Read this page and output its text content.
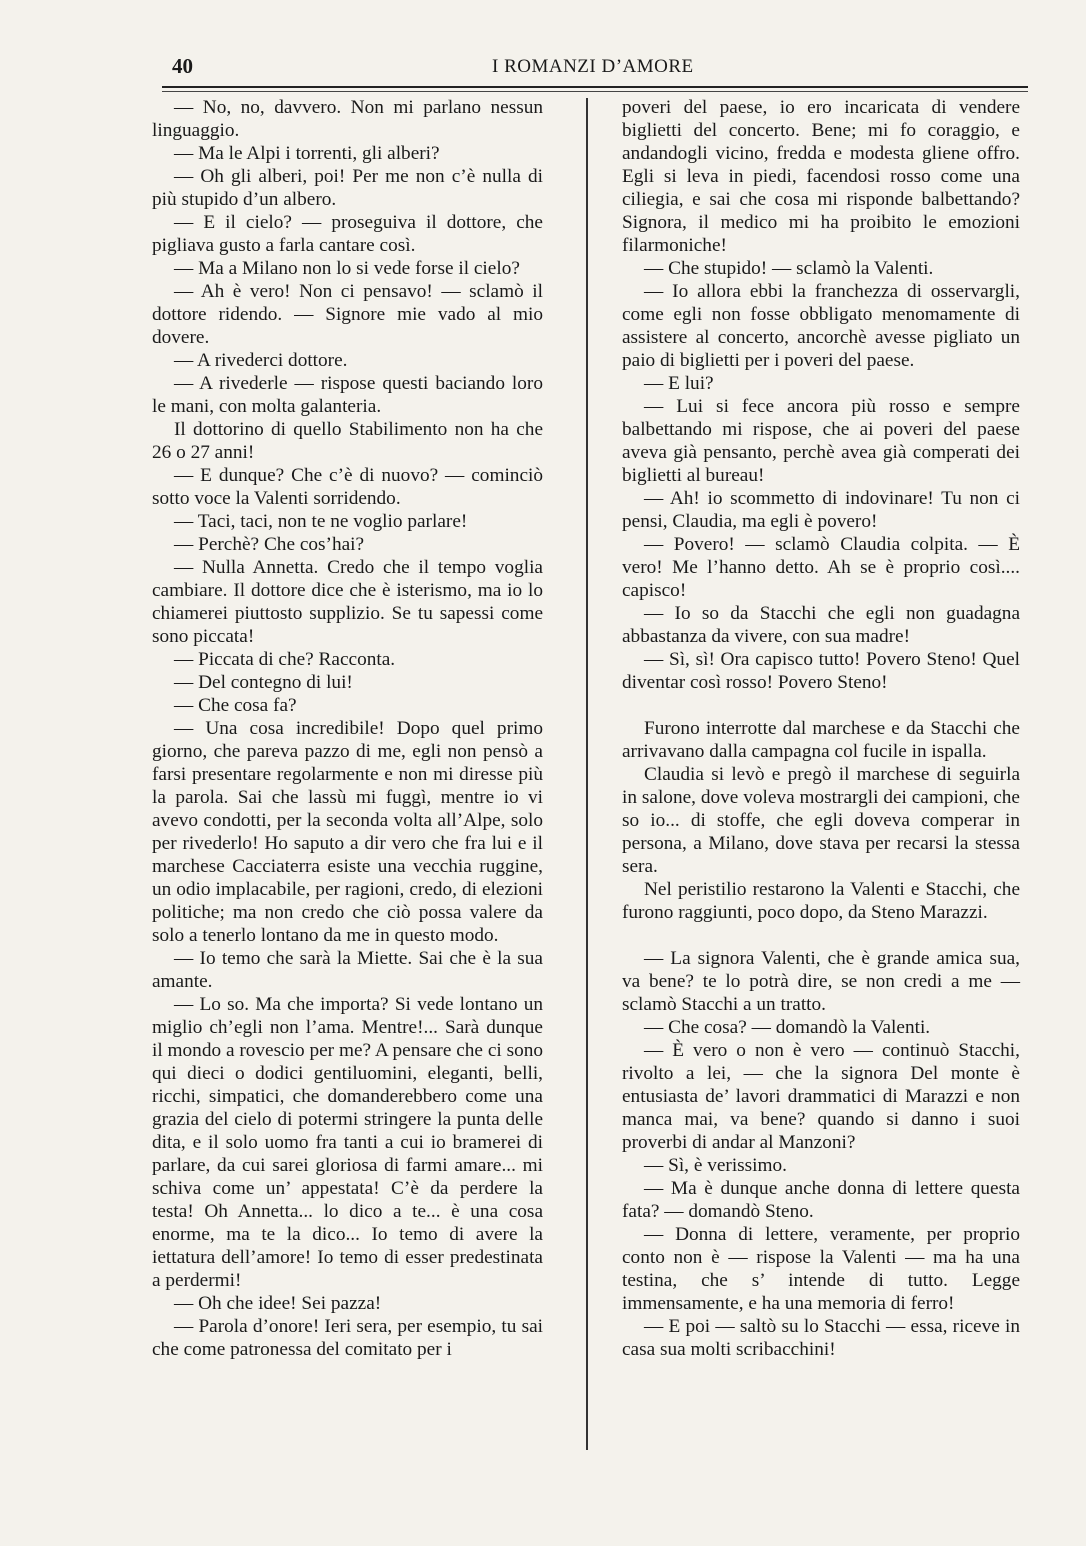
40	I ROMANZI D’AMORE

— No, no, davvero. Non mi parlano nessun linguaggio.

— Ma le Alpi i torrenti, gli alberi?

— Oh gli alberi, poi! Per me non c’è nulla di più stupido d’un albero.

— E il cielo? — proseguiva il dottore, che pigliava gusto a farla cantare così.

— Ma a Milano non lo si vede forse il cielo?

— Ah è vero! Non ci pensavo! — sclamò il dottore ridendo. — Signore mie vado al mio dovere.

— A rivederci dottore.

— A rivederle — rispose questi baciando loro le mani, con molta galanteria.

Il dottorino di quello Stabilimento non ha che 26 o 27 anni!

— E dunque? Che c’è di nuovo? — cominciò sotto voce la Valenti sorridendo.

— Taci, taci, non te ne voglio parlare!

— Perchè? Che cos’hai?

— Nulla Annetta. Credo che il tempo voglia cambiare. Il dottore dice che è isterismo, ma io lo chiamerei piuttosto supplizio. Se tu sapessi come sono piccata!

— Piccata di che? Racconta.

— Del contegno di lui!

— Che cosa fa?

— Una cosa incredibile! Dopo quel primo giorno, che pareva pazzo di me, egli non pensò a farsi presentare regolarmente e non mi diresse più la parola. Sai che lassù mi fuggì, mentre io vi avevo condotti, per la seconda volta all’Alpe, solo per rivederlo! Ho saputo a dir vero che fra lui e il marchese Cacciaterra esiste una vecchia ruggine, un odio implacabile, per ragioni, credo, di elezioni politiche; ma non credo che ciò possa valere da solo a tenerlo lontano da me in questo modo.

— Io temo che sarà la Miette. Sai che è la sua amante.

— Lo so. Ma che importa? Si vede lontano un miglio ch’egli non l’ama. Mentre!... Sarà dunque il mondo a rovescio per me? A pensare che ci sono qui dieci o dodici gentiluomini, eleganti, belli, ricchi, simpatici, che domanderebbero come una grazia del cielo di potermi stringere la punta delle dita, e il solo uomo fra tanti a cui io bramerei di parlare, da cui sarei gloriosa di farmi amare... mi schiva come un’ appestata! C’è da perdere la testa! Oh Annetta... lo dico a te... è una cosa enorme, ma te la dico... Io temo di avere la iettatura dell’amore! Io temo di esser predestinata a perdermi!

— Oh che idee! Sei pazza!

— Parola d’onore! Ieri sera, per esempio, tu sai che come patronessa del comitato per i

poveri del paese, io ero incaricata di vendere biglietti del concerto. Bene; mi fo coraggio, e andandogli vicino, fredda e modesta gliene offro. Egli si leva in piedi, facendosi rosso come una ciliegia, e sai che cosa mi risponde balbettando? Signora, il medico mi ha proibito le emozioni filarmoniche!

— Che stupido! — sclamò la Valenti.

— Io allora ebbi la franchezza di osservargli, come egli non fosse obbligato menomamente di assistere al concerto, ancorchè avesse pigliato un paio di biglietti per i poveri del paese.

— E lui?

— Lui si fece ancora più rosso e sempre balbettando mi rispose, che ai poveri del paese aveva già pensanto, perchè avea già comperati dei biglietti al bureau!

— Ah! io scommetto di indovinare! Tu non ci pensi, Claudia, ma egli è povero!

— Povero! — sclamò Claudia colpita. — È vero! Me l’hanno detto. Ah se è proprio così.... capisco!

— Io so da Stacchi che egli non guadagna abbastanza da vivere, con sua madre!

— Sì, sì! Ora capisco tutto! Povero Steno! Quel diventar così rosso! Povero Steno!

Furono interrotte dal marchese e da Stacchi che arrivavano dalla campagna col fucile in ispalla.

Claudia si levò e pregò il marchese di seguirla in salone, dove voleva mostrargli dei campioni, che so io... di stoffe, che egli doveva comperar in persona, a Milano, dove stava per recarsi la stessa sera.

Nel peristilio restarono la Valenti e Stacchi, che furono raggiunti, poco dopo, da Steno Marazzi.

— La signora Valenti, che è grande amica sua, va bene? te lo potrà dire, se non credi a me — sclamò Stacchi a un tratto.

— Che cosa? — domandò la Valenti.

— È vero o non è vero — continuò Stacchi, rivolto a lei, — che la signora Del monte è entusiasta de’ lavori drammatici di Marazzi e non manca mai, va bene? quando si danno i suoi proverbi di andar al Manzoni?

— Sì, è verissimo.

— Ma è dunque anche donna di lettere questa fata? — domandò Steno.

— Donna di lettere, veramente, per proprio conto non è — rispose la Valenti — ma ha una testina, che s’ intende di tutto. Legge immensamente, e ha una memoria di ferro!

— E poi — saltò su lo Stacchi — essa, riceve in casa sua molti scribacchini!
